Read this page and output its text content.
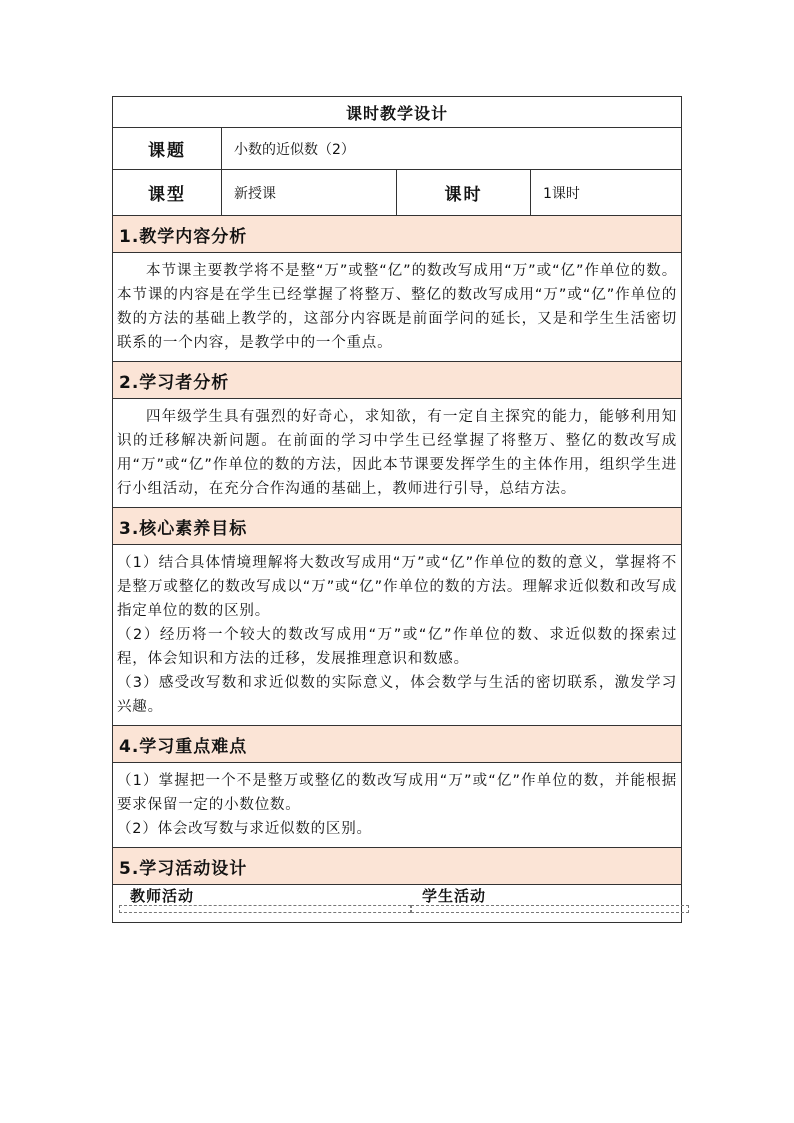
课时教学设计			
课题	小数的近似数（2）		
课型	新授课	课时	1课时
1.教学内容分析			

本节课主要教学将不是整“万”或整“亿”的数改写成用“万”或“亿”作单位的数。本节课的内容是在学生已经掌握了将整万、整亿的数改写成用“万”或“亿”作单位的数的方法的基础上教学的，这部分内容既是前面学问的延长，又是和学生生活密切联系的一个内容，是教学中的一个重点。			

2.学习者分析			

四年级学生具有强烈的好奇心，求知欲，有一定自主探究的能力，能够利用知识的迁移解决新问题。在前面的学习中学生已经掌握了将整万、整亿的数改写成用“万”或“亿”作单位的数的方法，因此本节课要发挥学生的主体作用，组织学生进行小组活动，在充分合作沟通的基础上，教师进行引导，总结方法。			

3.核心素养目标			

（1）结合具体情境理解将大数改写成用“万”或“亿”作单位的数的意义，掌握将不是整万或整亿的数改写成以“万”或“亿”作单位的数的方法。理解求近似数和改写成指定单位的数的区别。

（2）经历将一个较大的数改写成用“万”或“亿”作单位的数、求近似数的探索过程，体会知识和方法的迁移，发展推理意识和数感。

（3）感受改写数和求近似数的实际意义，体会数学与生活的密切联系，激发学习兴趣。			

4.学习重点难点			

（1）掌握把一个不是整万或整亿的数改写成用“万”或“亿”作单位的数，并能根据要求保留一定的小数位数。

（2）体会改写数与求近似数的区别。			

5.学习活动设计			

教师活动 学生活动			
